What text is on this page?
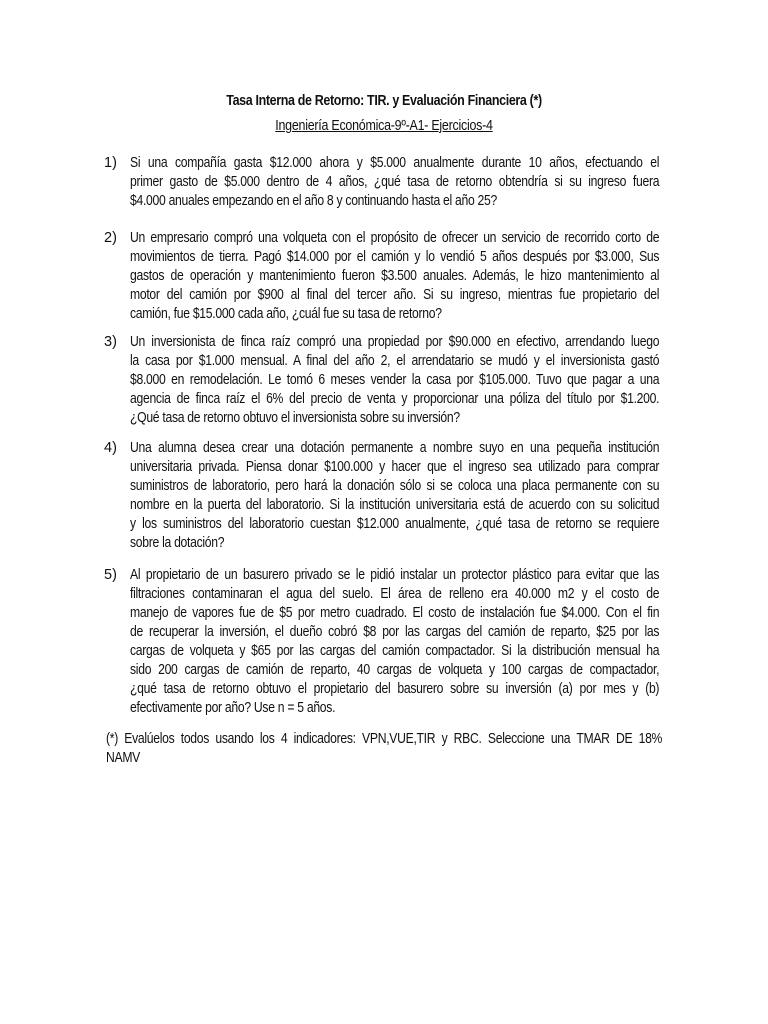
Tasa Interna de Retorno: TIR. y Evaluación Financiera (*)
Ingeniería Económica-9º-A1- Ejercicios-4
1) Si una compañía gasta $12.000 ahora y $5.000 anualmente durante 10 años, efectuando el
primer gasto de $5.000 dentro de 4 años, ¿qué tasa de retorno obtendría si su ingreso fuera
$4.000 anuales empezando en el año 8 y continuando hasta el año 25?
2) Un empresario compró una volqueta con el propósito de ofrecer un servicio de recorrido corto de
movimientos de tierra. Pagó $14.000 por el camión y lo vendió 5 años después por $3.000, Sus
gastos de operación y mantenimiento fueron $3.500 anuales. Además, le hizo mantenimiento al
motor del camión por $900 al final del tercer año. Si su ingreso, mientras fue propietario del
camión, fue $15.000 cada año, ¿cuál fue su tasa de retorno?
3) Un inversionista de finca raíz compró una propiedad por $90.000 en efectivo, arrendando luego
la casa por $1.000 mensual. A final del año 2, el arrendatario se mudó y el inversionista gastó
$8.000 en remodelación. Le tomó 6 meses vender la casa por $105.000. Tuvo que pagar a una
agencia de finca raíz el 6% del precio de venta y proporcionar una póliza del título por $1.200.
¿Qué tasa de retorno obtuvo el inversionista sobre su inversión?
4) Una alumna desea crear una dotación permanente a nombre suyo en una pequeña institución
universitaria privada. Piensa donar $100.000 y hacer que el ingreso sea utilizado para comprar
suministros de laboratorio, pero hará la donación sólo si se coloca una placa permanente con su
nombre en la puerta del laboratorio. Si la institución universitaria está de acuerdo con su solicitud
y los suministros del laboratorio cuestan $12.000 anualmente, ¿qué tasa de retorno se requiere
sobre la dotación?
5) Al propietario de un basurero privado se le pidió instalar un protector plástico para evitar que las
filtraciones contaminaran el agua del suelo. El área de relleno era 40.000 m2 y el costo de
manejo de vapores fue de $5 por metro cuadrado. El costo de instalación fue $4.000. Con el fin
de recuperar la inversión, el dueño cobró $8 por las cargas del camión de reparto, $25 por las
cargas de volqueta y $65 por las cargas del camión compactador. Si la distribución mensual ha
sido 200 cargas de camión de reparto, 40 cargas de volqueta y 100 cargas de compactador,
¿qué tasa de retorno obtuvo el propietario del basurero sobre su inversión (a) por mes y (b)
efectivamente por año? Use n = 5 años.
(*) Evalúelos todos usando los 4 indicadores: VPN,VUE,TIR y RBC. Seleccione una TMAR DE 18%
NAMV
